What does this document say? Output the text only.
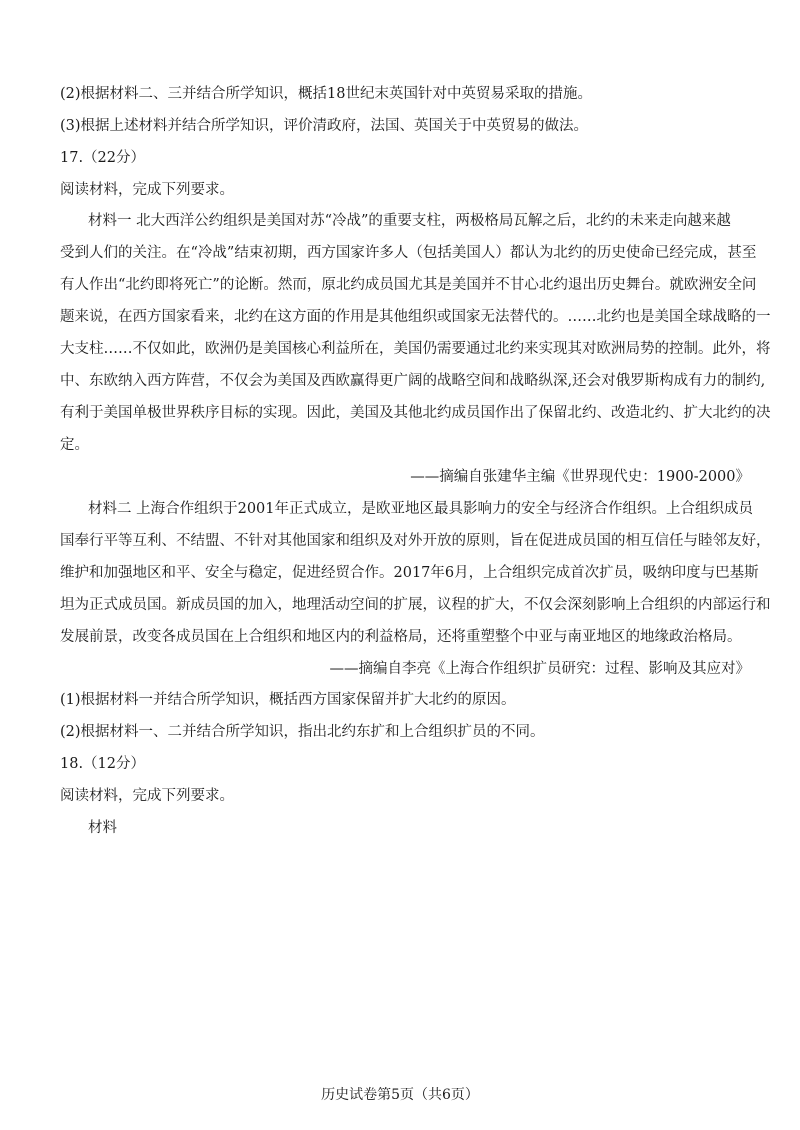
(2)根据材料二、三并结合所学知识，概括18世纪末英国针对中英贸易采取的措施。
(3)根据上述材料并结合所学知识，评价清政府，法国、英国关于中英贸易的做法。
17.（22分）
阅读材料，完成下列要求。
材料一 北大西洋公约组织是美国对苏“冷战”的重要支柱，两极格局瓦解之后，北约的未来走向越来越
受到人们的关注。在“冷战”结束初期，西方国家许多人（包括美国人）都认为北约的历史使命已经完成，甚至
有人作出“北约即将死亡”的论断。然而，原北约成员国尤其是美国并不甘心北约退出历史舞台。就欧洲安全问
题来说，在西方国家看来，北约在这方面的作用是其他组织或国家无法替代的。……北约也是美国全球战略的一
大支柱……不仅如此，欧洲仍是美国核心利益所在，美国仍需要通过北约来实现其对欧洲局势的控制。此外，将
中、东欧纳入西方阵营，不仅会为美国及西欧赢得更广阔的战略空间和战略纵深,还会对俄罗斯构成有力的制约,
有利于美国单极世界秩序目标的实现。因此，美国及其他北约成员国作出了保留北约、改造北约、扩大北约的决
定。
——摘编自张建华主编《世界现代史：1900-2000》
材料二 上海合作组织于2001年正式成立，是欧亚地区最具影响力的安全与经济合作组织。上合组织成员
国奉行平等互利、不结盟、不针对其他国家和组织及对外开放的原则，旨在促进成员国的相互信任与睦邻友好，
维护和加强地区和平、安全与稳定，促进经贸合作。2017年6月，上合组织完成首次扩员，吸纳印度与巴基斯
坦为正式成员国。新成员国的加入，地理活动空间的扩展，议程的扩大，不仅会深刻影响上合组织的内部运行和
发展前景，改变各成员国在上合组织和地区内的利益格局，还将重塑整个中亚与南亚地区的地缘政治格局。
——摘编自李亮《上海合作组织扩员研究：过程、影响及其应对》
(1)根据材料一并结合所学知识，概括西方国家保留并扩大北约的原因。
(2)根据材料一、二并结合所学知识，指出北约东扩和上合组织扩员的不同。
18.（12分）
阅读材料，完成下列要求。
材料
历史试卷第5页（共6页）
